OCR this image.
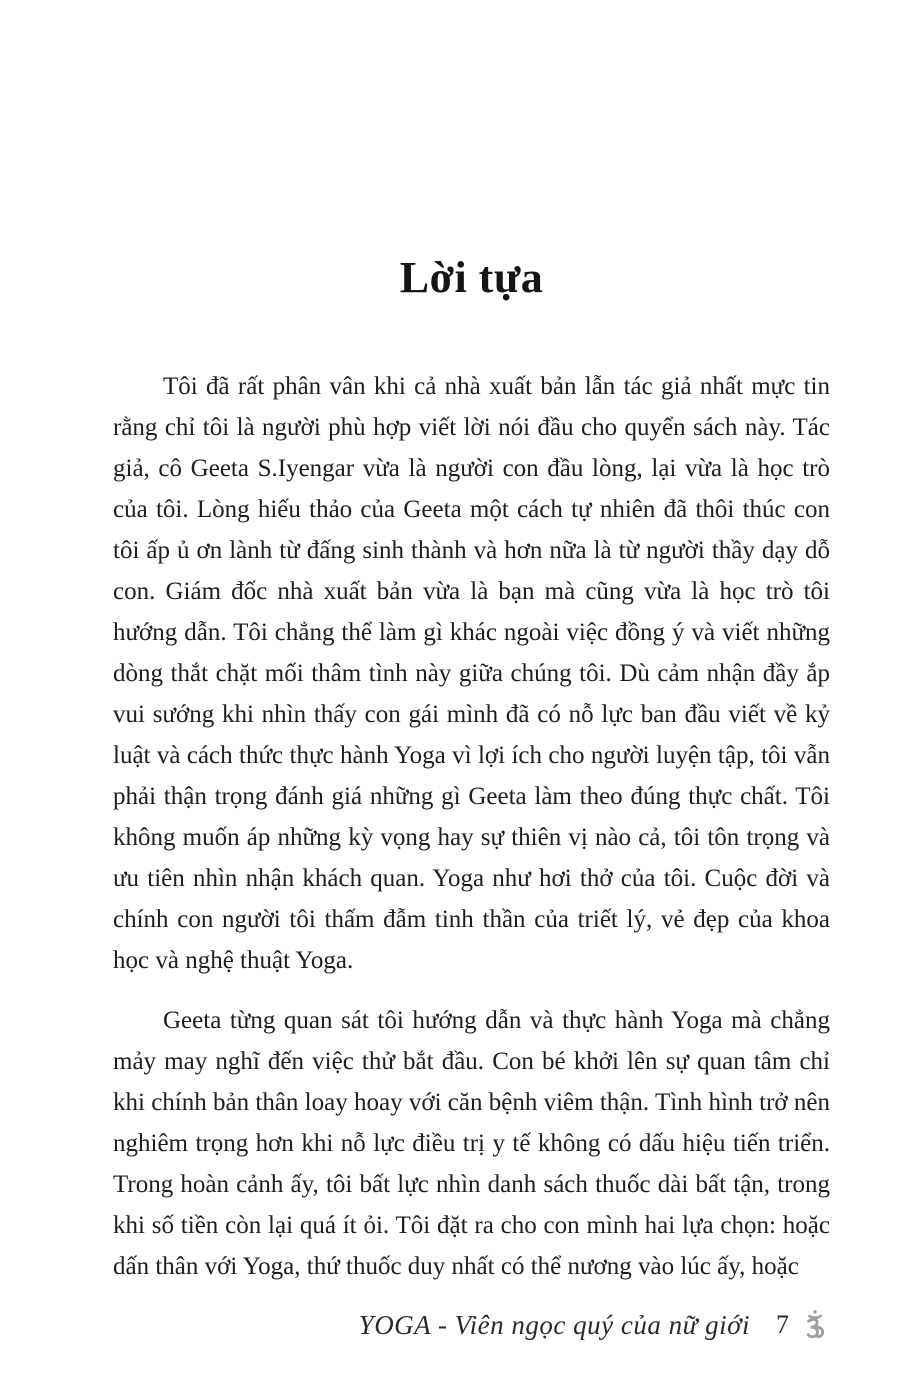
Lời tựa

Tôi đã rất phân vân khi cả nhà xuất bản lẫn tác giả nhất mực tin rằng chỉ tôi là người phù hợp viết lời nói đầu cho quyển sách này. Tác giả, cô Geeta S.Iyengar vừa là người con đầu lòng, lại vừa là học trò của tôi. Lòng hiếu thảo của Geeta một cách tự nhiên đã thôi thúc con tôi ấp ủ ơn lành từ đấng sinh thành và hơn nữa là từ người thầy dạy dỗ con. Giám đốc nhà xuất bản vừa là bạn mà cũng vừa là học trò tôi hướng dẫn. Tôi chẳng thể làm gì khác ngoài việc đồng ý và viết những dòng thắt chặt mối thâm tình này giữa chúng tôi. Dù cảm nhận đầy ắp vui sướng khi nhìn thấy con gái mình đã có nỗ lực ban đầu viết về kỷ luật và cách thức thực hành Yoga vì lợi ích cho người luyện tập, tôi vẫn phải thận trọng đánh giá những gì Geeta làm theo đúng thực chất. Tôi không muốn áp những kỳ vọng hay sự thiên vị nào cả, tôi tôn trọng và ưu tiên nhìn nhận khách quan. Yoga như hơi thở của tôi. Cuộc đời và chính con người tôi thấm đẫm tinh thần của triết lý, vẻ đẹp của khoa học và nghệ thuật Yoga.

Geeta từng quan sát tôi hướng dẫn và thực hành Yoga mà chẳng mảy may nghĩ đến việc thử bắt đầu. Con bé khởi lên sự quan tâm chỉ khi chính bản thân loay hoay với căn bệnh viêm thận. Tình hình trở nên nghiêm trọng hơn khi nỗ lực điều trị y tế không có dấu hiệu tiến triển. Trong hoàn cảnh ấy, tôi bất lực nhìn danh sách thuốc dài bất tận, trong khi số tiền còn lại quá ít ỏi. Tôi đặt ra cho con mình hai lựa chọn: hoặc dấn thân với Yoga, thứ thuốc duy nhất có thể nương vào lúc ấy, hoặc

YOGA - Viên ngọc quý của nữ giới 7
